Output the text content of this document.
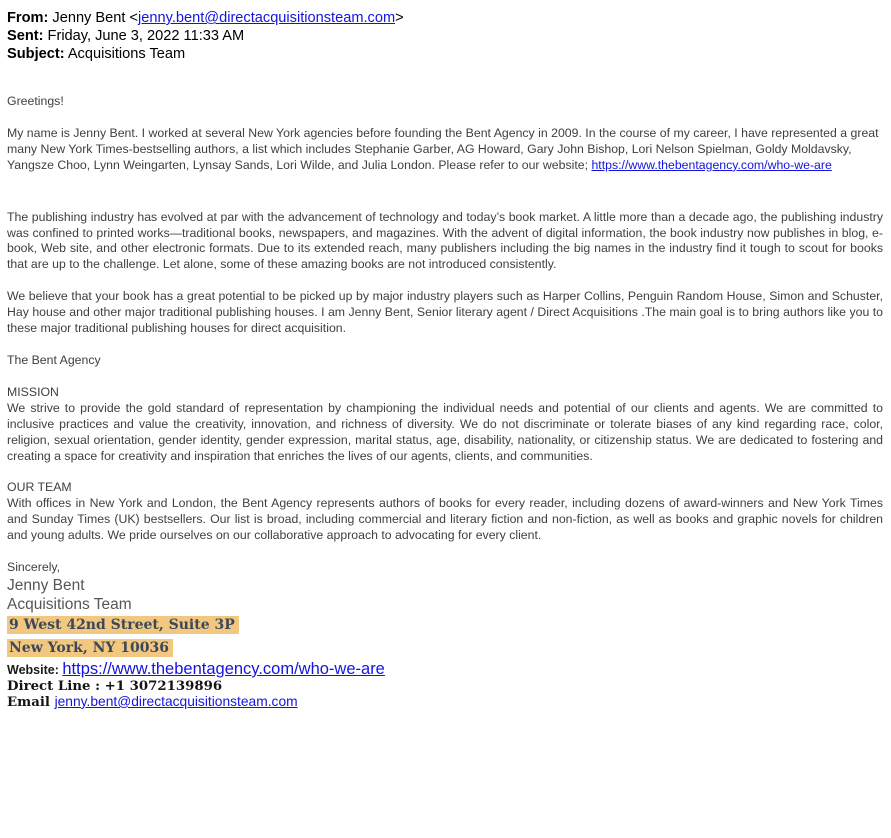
From: Jenny Bent <jenny.bent@directacquisitionsteam.com>
Sent: Friday, June 3, 2022 11:33 AM
Subject: Acquisitions Team

Greetings!

My name is Jenny Bent. I worked at several New York agencies before founding the Bent Agency in 2009. In the course of my career, I have represented a great many New York Times-bestselling authors, a list which includes Stephanie Garber, AG Howard, Gary John Bishop, Lori Nelson Spielman, Goldy Moldavsky, Yangsze Choo, Lynn Weingarten, Lynsay Sands, Lori Wilde, and Julia London. Please refer to our website; https://www.thebentagency.com/who-we-are

The publishing industry has evolved at par with the advancement of technology and today’s book market. A little more than a decade ago, the publishing industry was confined to printed works—traditional books, newspapers, and magazines. With the advent of digital information, the book industry now publishes in blog, e-book, Web site, and other electronic formats. Due to its extended reach, many publishers including the big names in the industry find it tough to scout for books that are up to the challenge. Let alone, some of these amazing books are not introduced consistently.

We believe that your book has a great potential to be picked up by major industry players such as Harper Collins, Penguin Random House, Simon and Schuster, Hay house and other major traditional publishing houses. I am Jenny Bent, Senior literary agent / Direct Acquisitions .The main goal is to bring authors like you to these major traditional publishing houses for direct acquisition.

The Bent Agency

MISSION
We strive to provide the gold standard of representation by championing the individual needs and potential of our clients and agents. We are committed to inclusive practices and value the creativity, innovation, and richness of diversity. We do not discriminate or tolerate biases of any kind regarding race, color, religion, sexual orientation, gender identity, gender expression, marital status, age, disability, nationality, or citizenship status. We are dedicated to fostering and creating a space for creativity and inspiration that enriches the lives of our agents, clients, and communities.
OUR TEAM
With offices in New York and London, the Bent Agency represents authors of books for every reader, including dozens of award-winners and New York Times and Sunday Times (UK) bestsellers. Our list is broad, including commercial and literary fiction and non-fiction, as well as books and graphic novels for children and young adults. We pride ourselves on our collaborative approach to advocating for every client.

Sincerely,

Jenny Bent

Acquisitions Team

9 West 42nd Street, Suite 3P
New York, NY 10036
Website: https://www.thebentagency.com/who-we-are

Direct Line : +1 3072139896

Email jenny.bent@directacquisitionsteam.com
